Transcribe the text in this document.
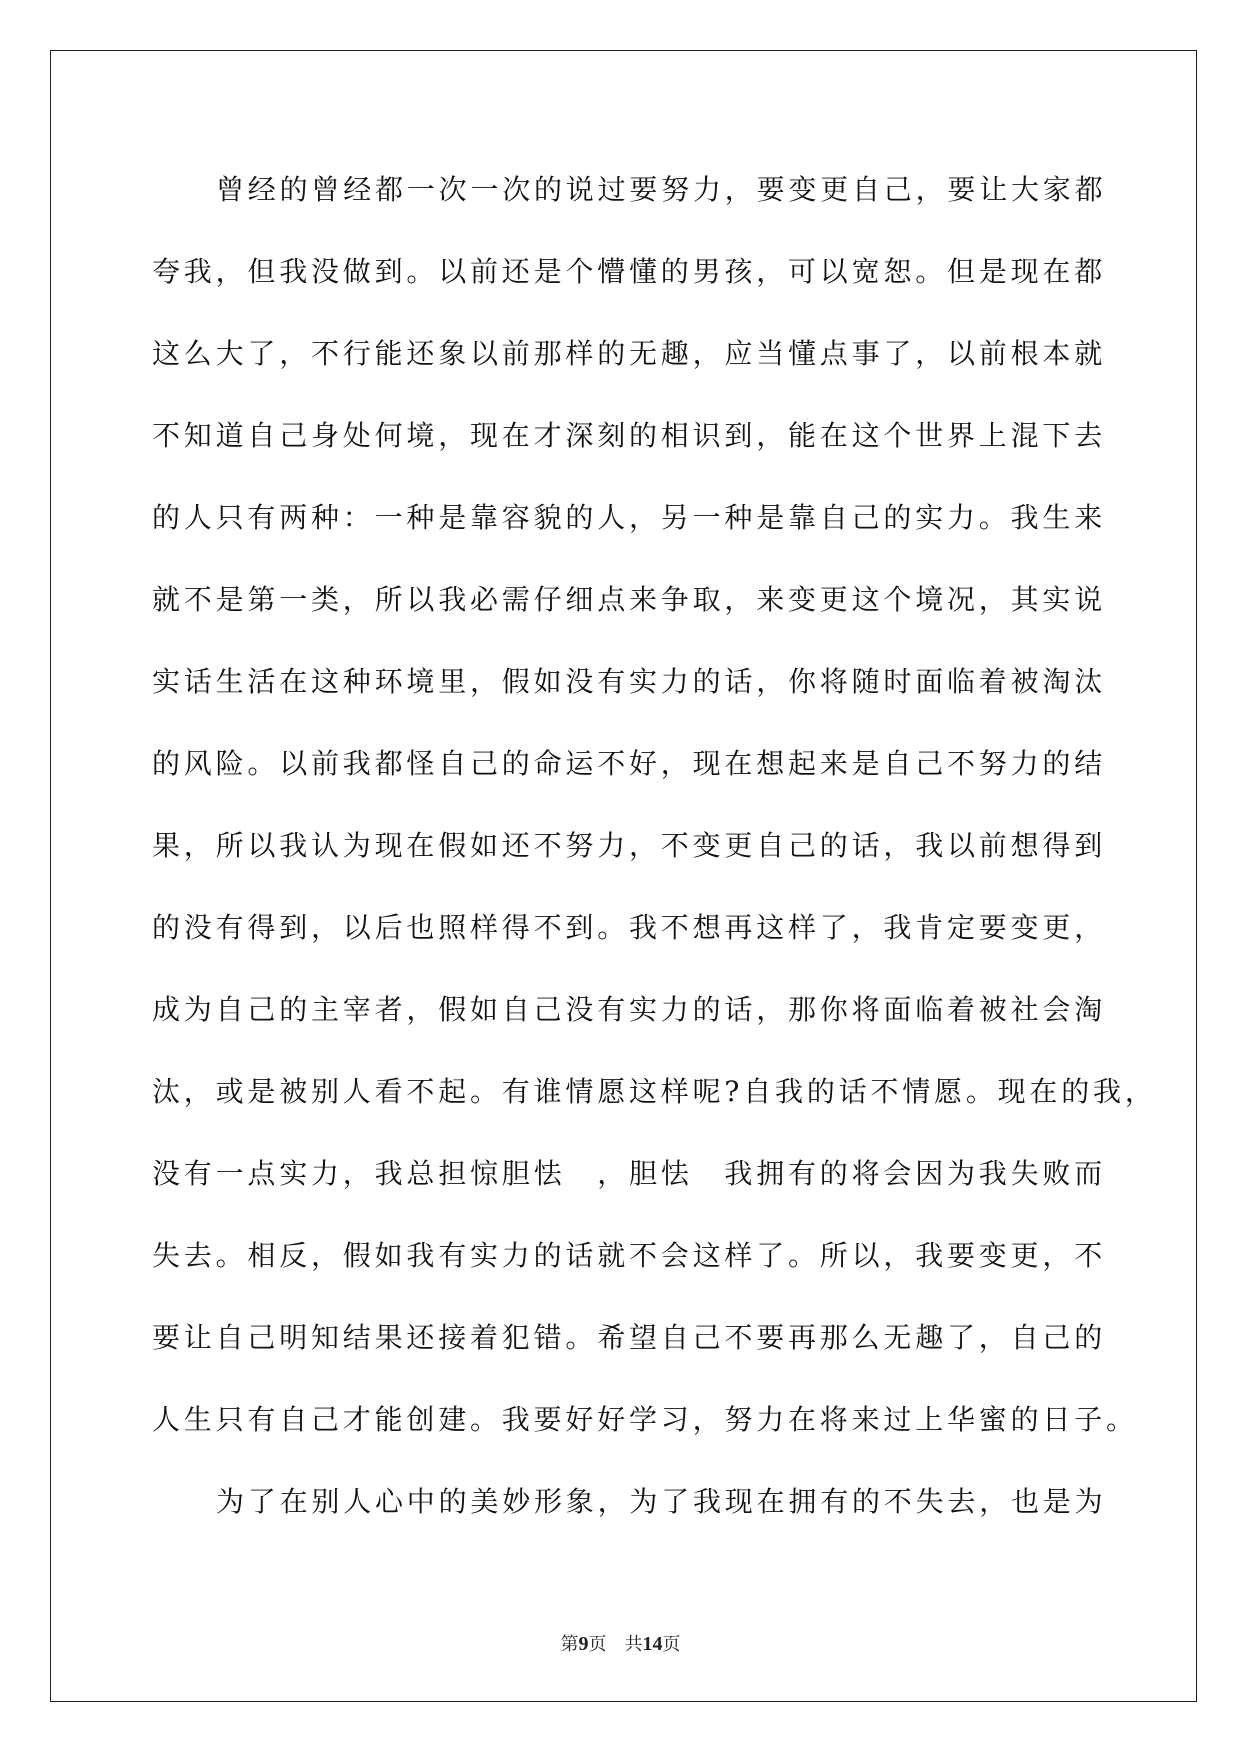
曾经的曾经都一次一次的说过要努力，要变更自己，要让大家都
夸我，但我没做到。以前还是个懵懂的男孩，可以宽恕。但是现在都
这么大了，不行能还象以前那样的无趣，应当懂点事了，以前根本就
不知道自己身处何境，现在才深刻的相识到，能在这个世界上混下去
的人只有两种：一种是靠容貌的人，另一种是靠自己的实力。我生来
就不是第一类，所以我必需仔细点来争取，来变更这个境况，其实说
实话生活在这种环境里，假如没有实力的话，你将随时面临着被淘汰
的风险。以前我都怪自己的命运不好，现在想起来是自己不努力的结
果，所以我认为现在假如还不努力，不变更自己的话，我以前想得到
的没有得到，以后也照样得不到。我不想再这样了，我肯定要变更，
成为自己的主宰者，假如自己没有实力的话，那你将面临着被社会淘
汰，或是被别人看不起。有谁情愿这样呢?自我的话不情愿。现在的我，
没有一点实力，我总担惊胆怯　，胆怯　我拥有的将会因为我失败而
失去。相反，假如我有实力的话就不会这样了。所以，我要变更，不
要让自己明知结果还接着犯错。希望自己不要再那么无趣了，自己的
人生只有自己才能创建。我要好好学习，努力在将来过上华蜜的日子。
为了在别人心中的美妙形象，为了我现在拥有的不失去，也是为
第9页　共14页
